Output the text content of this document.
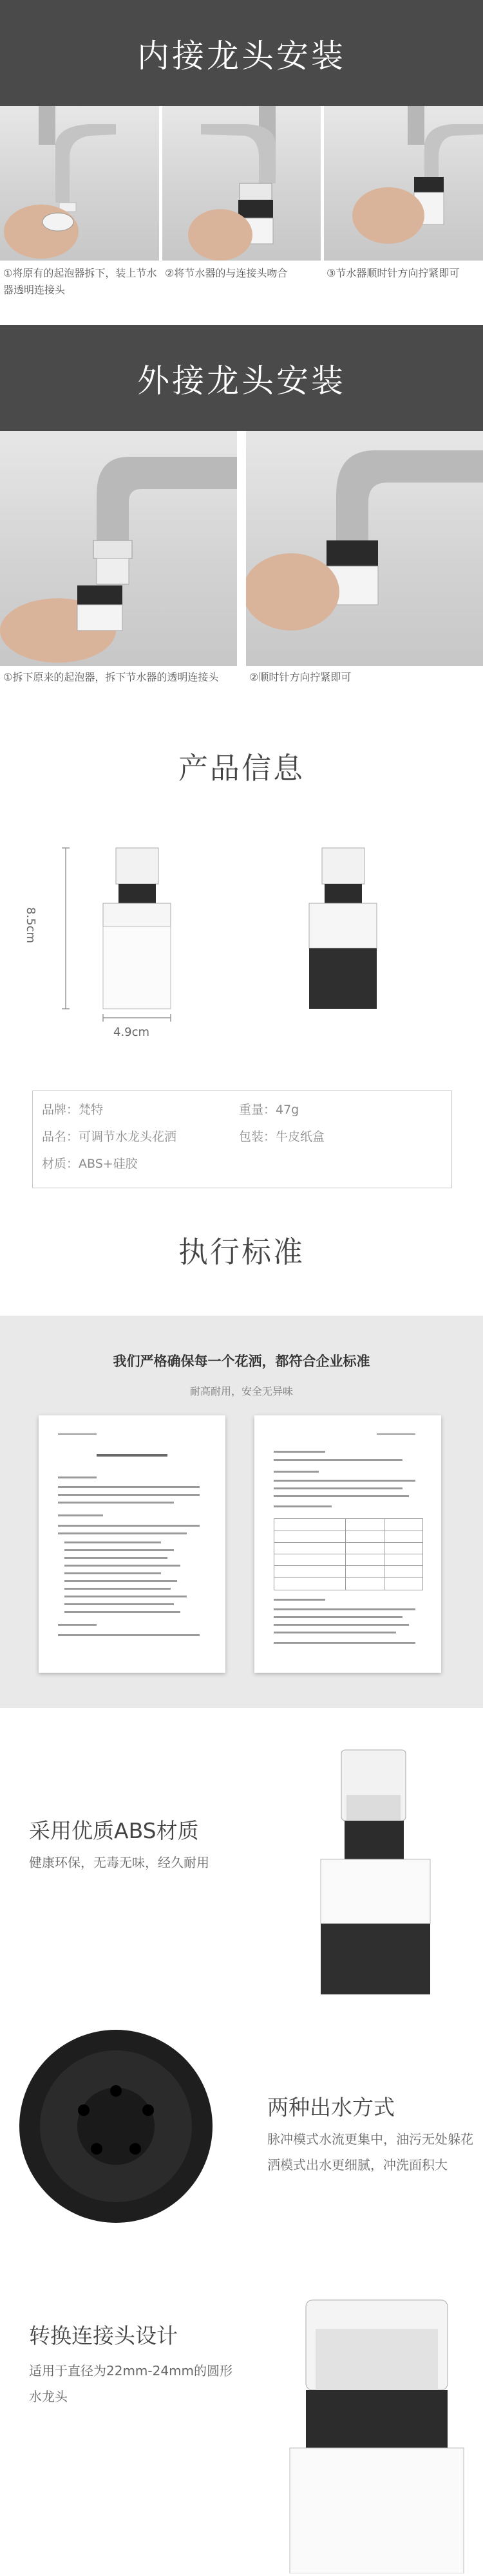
内接龙头安装
①将原有的起泡器拆下，装上节水器透明连接头
②将节水器的与连接头吻合	③节水器顺时针方向拧紧即可
外接龙头安装
①拆下原来的起泡器，拆下节水器的透明连接头	②顺时针方向拧紧即可
产品信息
8.5cm
4.9cm
品牌：梵特	重量：47g
品名：可调节水龙头花洒	包装：牛皮纸盒
材质：ABS+硅胶
执行标准
我们严格确保每一个花洒，都符合企业标准
耐高耐用，安全无异味
采用优质ABS材质
健康环保，无毒无味，经久耐用
两种出水方式
脉冲模式水流更集中，油污无处躲花洒模式出水更细腻，冲洗面积大
转换连接头设计
适用于直径为22mm-24mm的圆形水龙头
